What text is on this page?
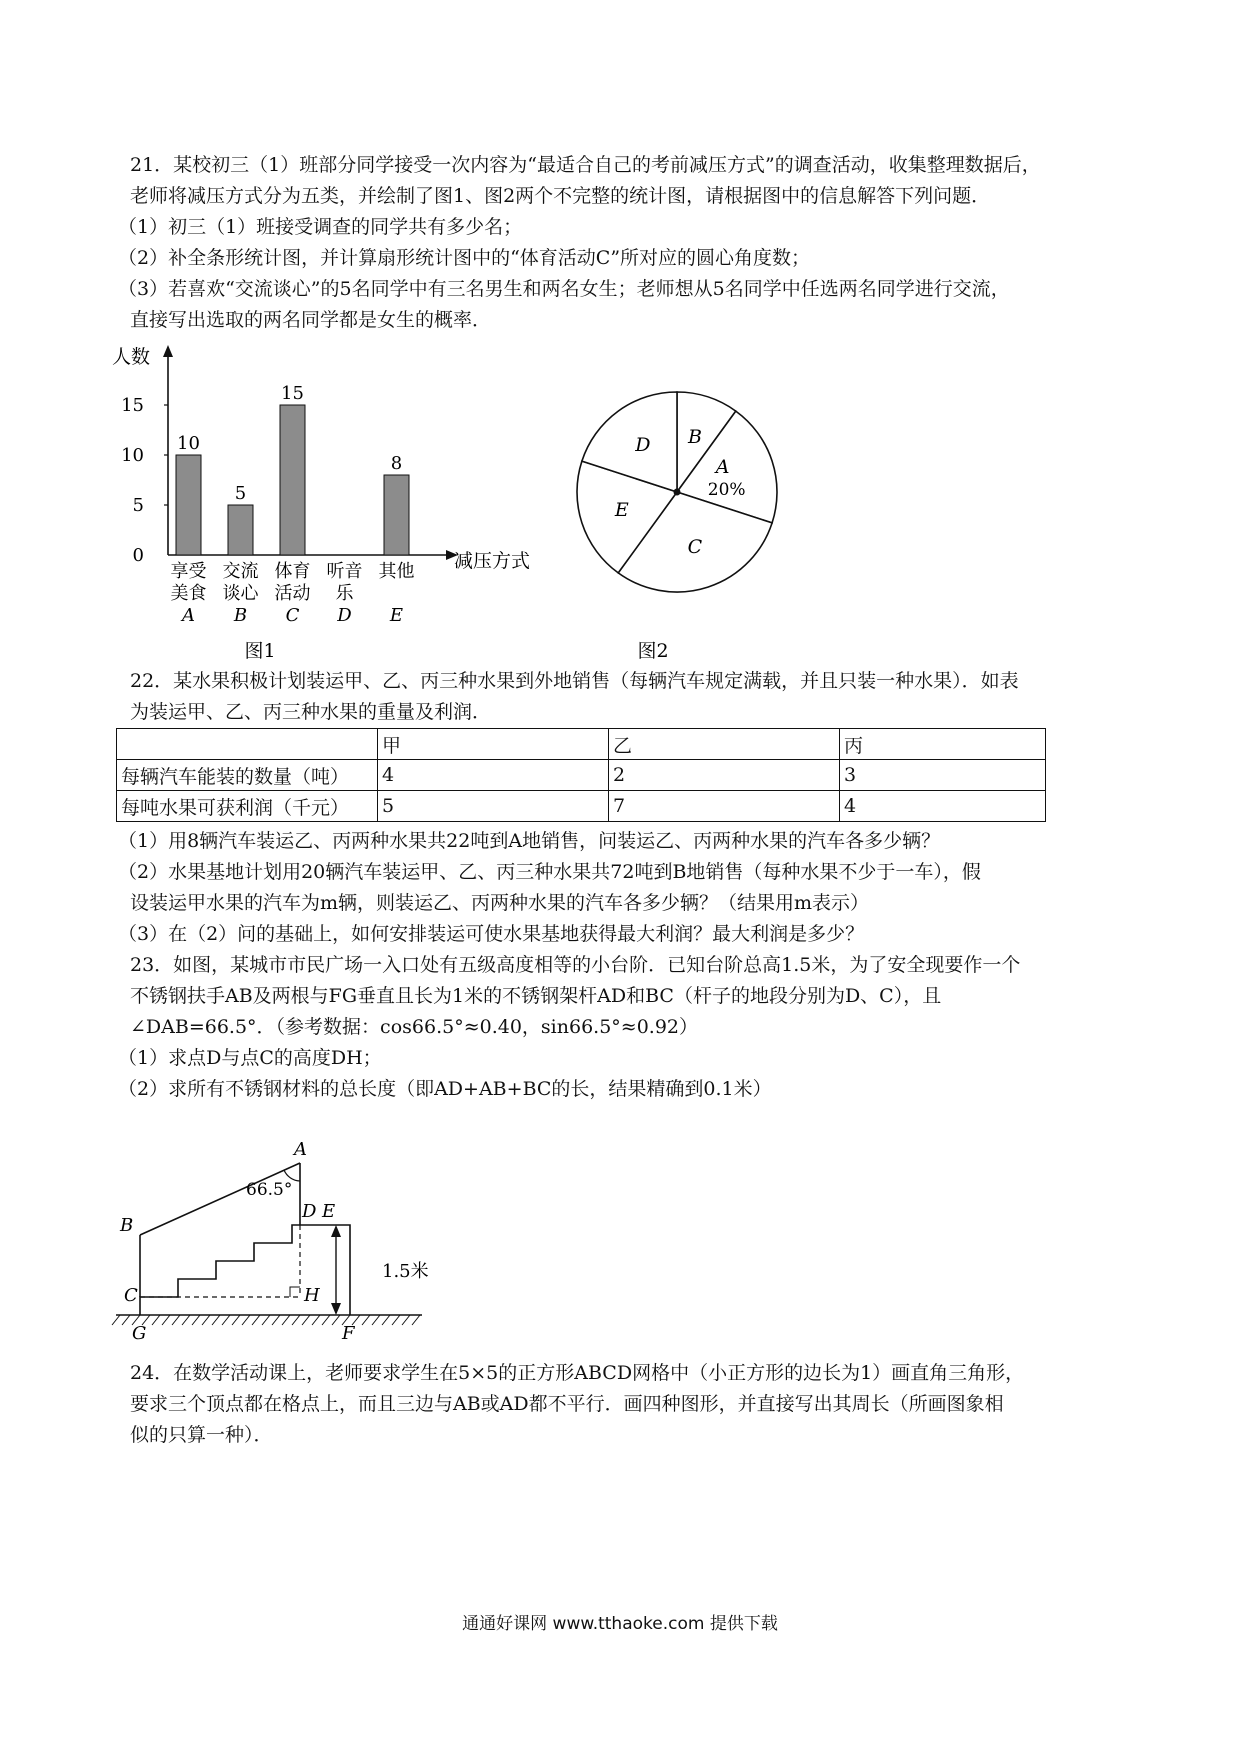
21．某校初三（1）班部分同学接受一次内容为“最适合自己的考前减压方式”的调查活动，收集整理数据后，

老师将减压方式分为五类，并绘制了图1、图2两个不完整的统计图，请根据图中的信息解答下列问题．

（1）初三（1）班接受调查的同学共有多少名；
（2）补全条形统计图，并计算扇形统计图中的“体育活动C”所对应的圆心角度数；
（3）若喜欢“交流谈心”的5名同学中有三名男生和两名女生；老师想从5名同学中任选两名同学进行交流，

直接写出选取的两名同学都是女生的概率．

人数
减压方式
0
5
10
15
10
5
15
8
享受
美食
A
交流
谈心
B
体育
活动
C
听音
乐
D
其他
E
图1
B
A
20%
C
E
D
图2

22．某水果积极计划装运甲、乙、丙三种水果到外地销售（每辆汽车规定满载，并且只装一种水果）．如表

为装运甲、乙、丙三种水果的重量及利润．

	甲	乙	丙
每辆汽车能装的数量（吨）	4	2	3
每吨水果可获利润（千元）	5	7	4
（1）用8辆汽车装运乙、丙两种水果共22吨到A地销售，问装运乙、丙两种水果的汽车各多少辆？
（2）水果基地计划用20辆汽车装运甲、乙、丙三种水果共72吨到B地销售（每种水果不少于一车），假

设装运甲水果的汽车为m辆，则装运乙、丙两种水果的汽车各多少辆？（结果用m表示）

（3）在（2）问的基础上，如何安排装运可使水果基地获得最大利润？最大利润是多少？

23．如图，某城市市民广场一入口处有五级高度相等的小台阶．已知台阶总高1.5米，为了安全现要作一个

不锈钢扶手AB及两根与FG垂直且长为1米的不锈钢架杆AD和BC（杆子的地段分别为D、C），且

∠DAB=66.5°．（参考数据：cos66.5°≈0.40，sin66.5°≈0.92）

（1）求点D与点C的高度DH；
（2）求所有不锈钢材料的总长度（即AD+AB+BC的长，结果精确到0.1米）
A
B
C
D E
F
G
H
66.5°
1.5米

24．在数学活动课上，老师要求学生在5×5的正方形ABCD网格中（小正方形的边长为1）画直角三角形，

要求三个顶点都在格点上，而且三边与AB或AD都不平行．画四种图形，并直接写出其周长（所画图象相

似的只算一种）．

通通好课网 www.tthaoke.com 提供下载
